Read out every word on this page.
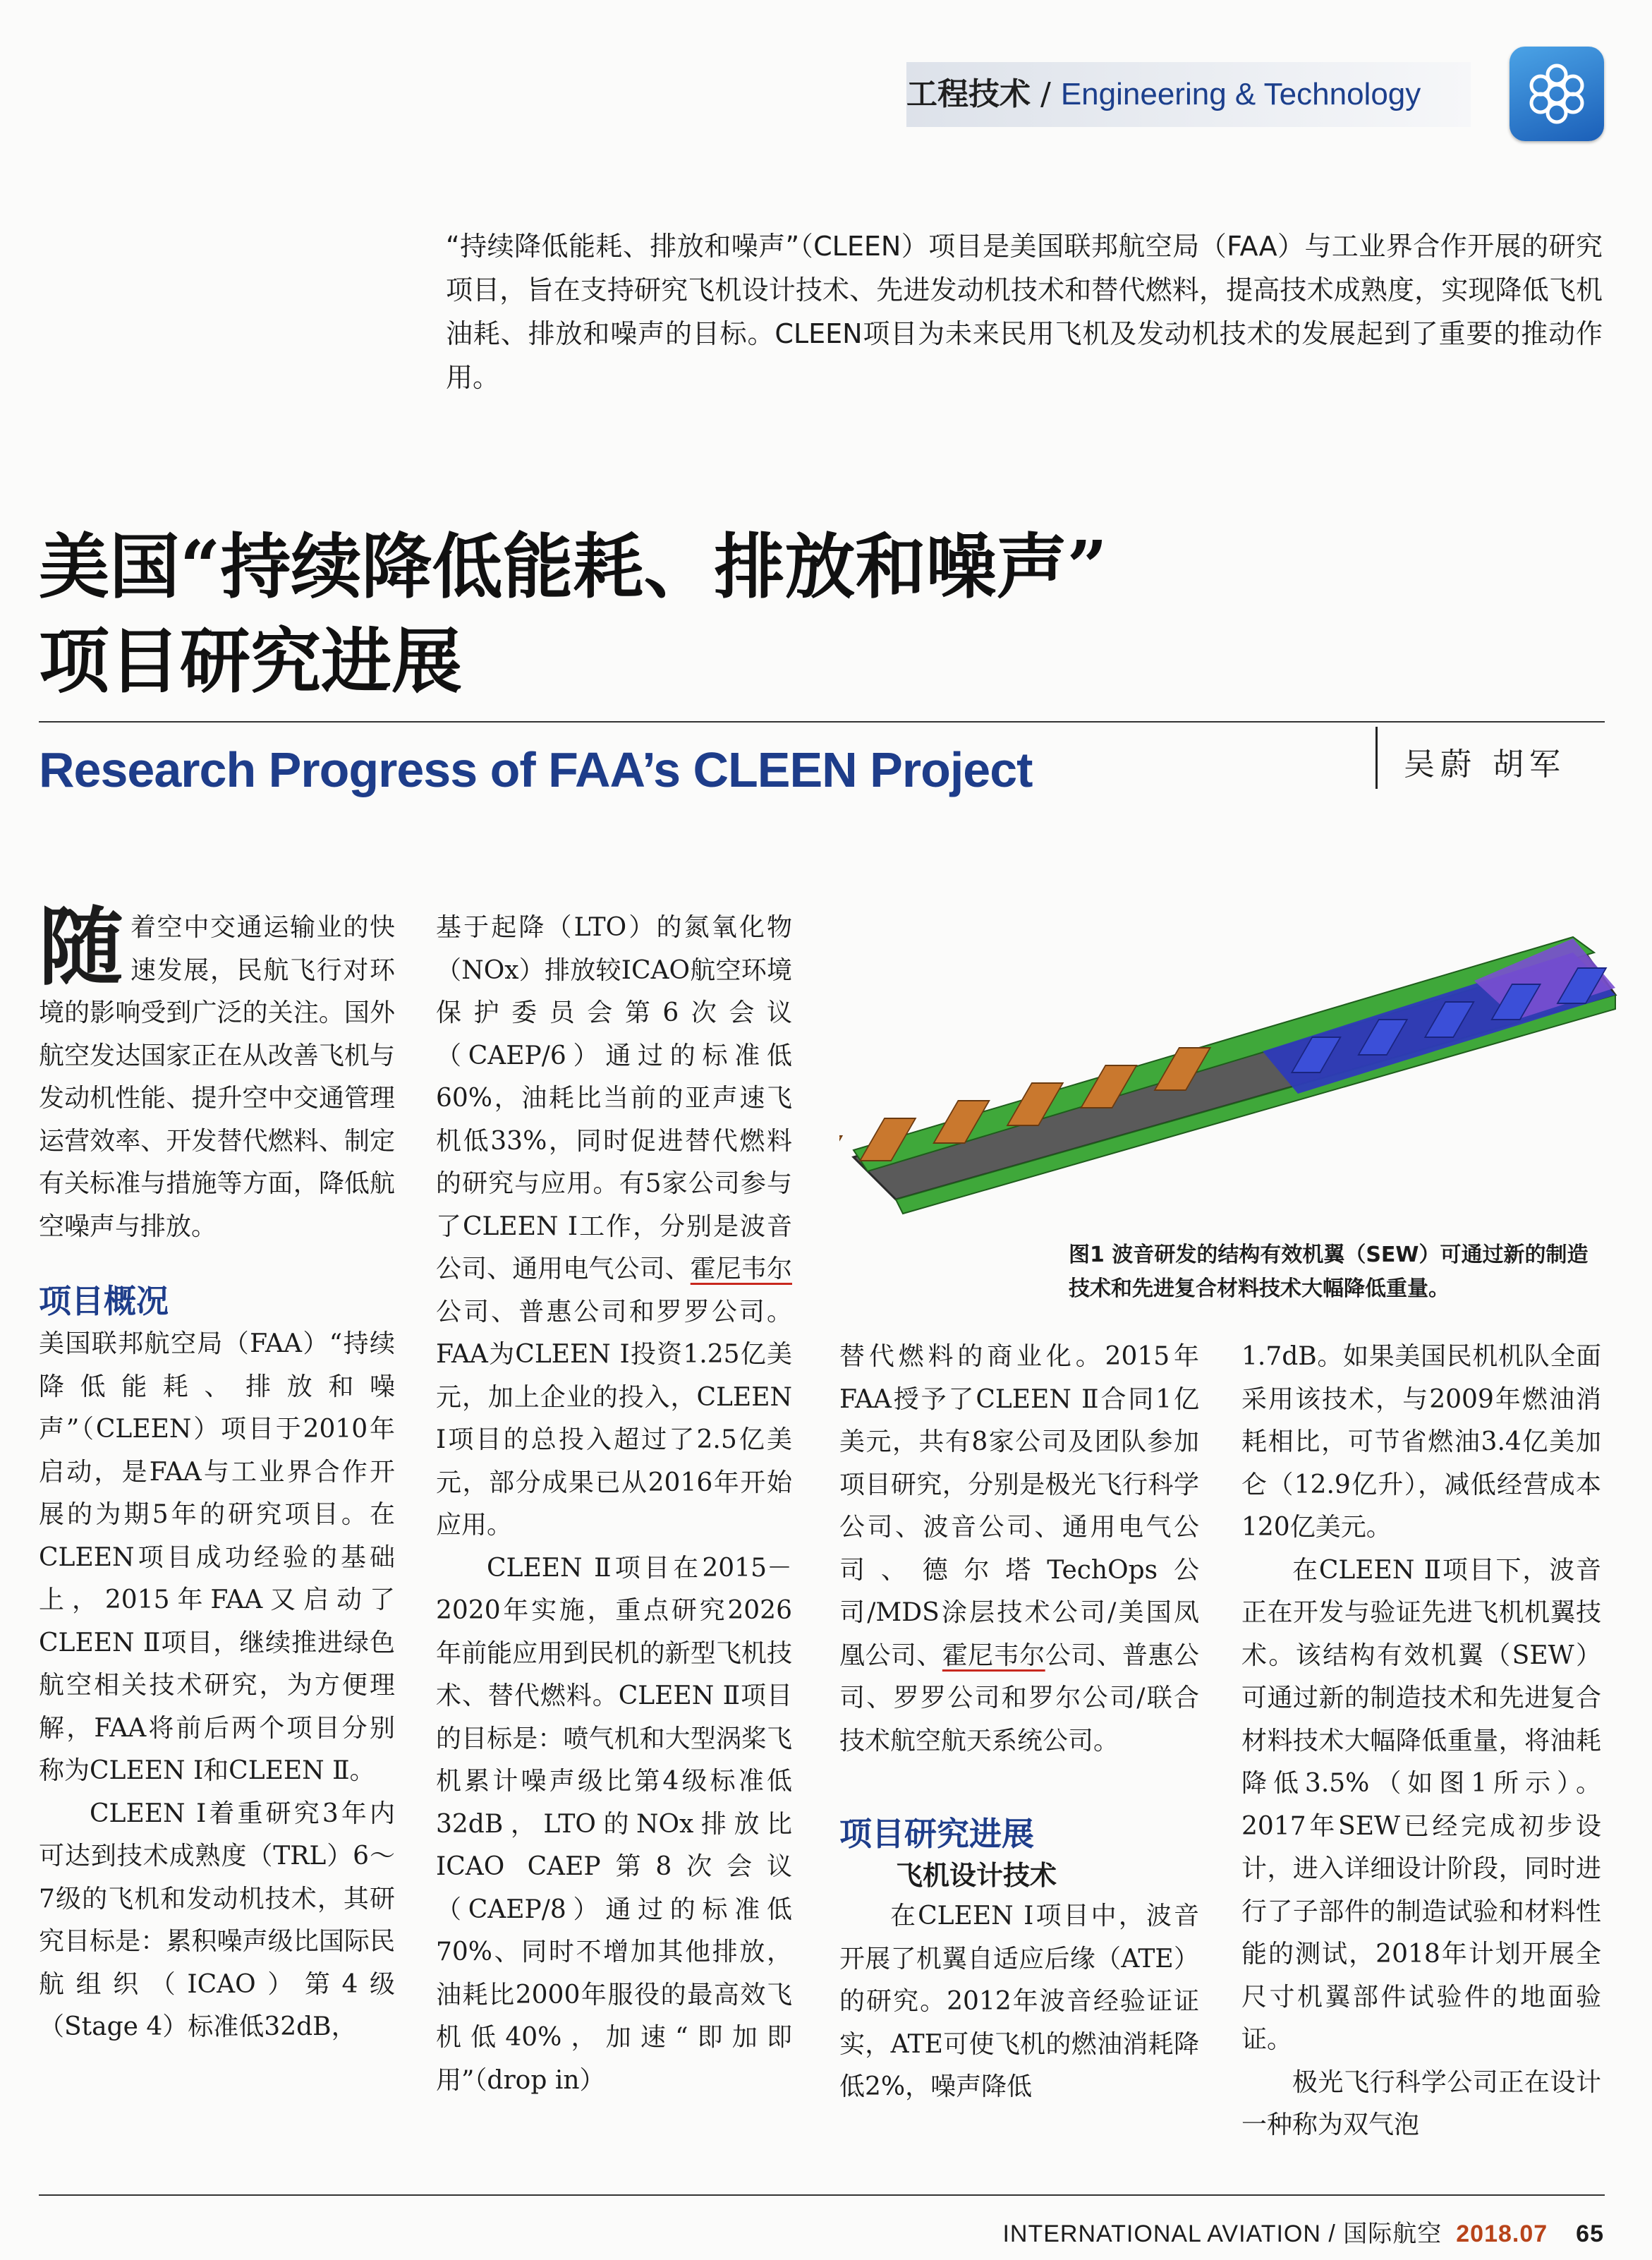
工程技术 / Engineering & Technology
“持续降低能耗、排放和噪声”（CLEEN）项目是美国联邦航空局（FAA）与工业界合作开展的研究项目，旨在支持研究飞机设计技术、先进发动机技术和替代燃料，提高技术成熟度，实现降低飞机油耗、排放和噪声的目标。CLEEN项目为未来民用飞机及发动机技术的发展起到了重要的推动作用。
美国“持续降低能耗、排放和噪声”
项目研究进展
Research Progress of FAA’s CLEEN Project	吴蔚 胡军

随着空中交通运输业的快速发展，民航飞行对环境的影响受到广泛的关注。国外航空发达国家正在从改善飞机与发动机性能、提升空中交通管理运营效率、开发替代燃料、制定有关标准与措施等方面，降低航空噪声与排放。

项目概况

美国联邦航空局（FAA）“持续降低能耗、排放和噪声”（CLEEN）项目于2010年启动，是FAA与工业界合作开展的为期5年的研究项目。在CLEEN项目成功经验的基础上，2015年FAA又启动了CLEEN Ⅱ项目，继续推进绿色航空相关技术研究，为方便理解，FAA将前后两个项目分别称为CLEEN Ⅰ和CLEEN Ⅱ。

CLEEN Ⅰ着重研究3年内可达到技术成熟度（TRL）6～7级的飞机和发动机技术，其研究目标是：累积噪声级比国际民航组织（ICAO）第4级（Stage 4）标准低32dB，

基于起降（LTO）的氮氧化物（NOx）排放较ICAO航空环境保护委员会第6次会议（CAEP/6）通过的标准低60%，油耗比当前的亚声速飞机低33%，同时促进替代燃料的研究与应用。有5家公司参与了CLEEN Ⅰ工作，分别是波音公司、通用电气公司、霍尼韦尔公司、普惠公司和罗罗公司。FAA为CLEEN Ⅰ投资1.25亿美元，加上企业的投入，CLEEN Ⅰ项目的总投入超过了2.5亿美元，部分成果已从2016年开始应用。

CLEEN Ⅱ项目在2015－2020年实施，重点研究2026年前能应用到民机的新型飞机技术、替代燃料。CLEEN Ⅱ项目的目标是：喷气机和大型涡桨飞机累计噪声级比第4级标准低32dB，LTO的NOx排放比ICAO CAEP第8次会议（CAEP/8）通过的标准低70%、同时不增加其他排放，油耗比2000年服役的最高效飞机低40%，加速“即加即用”（drop in）

图1 波音研发的结构有效机翼（SEW）可通过新的制造技术和先进复合材料技术大幅降低重量。

替代燃料的商业化。2015年FAA授予了CLEEN Ⅱ合同1亿美元，共有8家公司及团队参加项目研究，分别是极光飞行科学公司、波音公司、通用电气公司、德尔塔TechOps公司/MDS涂层技术公司/美国凤凰公司、霍尼韦尔公司、普惠公司、罗罗公司和罗尔公司/联合技术航空航天系统公司。

项目研究进展
飞机设计技术

在CLEEN Ⅰ项目中，波音开展了机翼自适应后缘（ATE）的研究。2012年波音经验证证实，ATE可使飞机的燃油消耗降低2%，噪声降低

1.7dB。如果美国民机机队全面采用该技术，与2009年燃油消耗相比，可节省燃油3.4亿美加仑（12.9亿升），减低经营成本120亿美元。

在CLEEN Ⅱ项目下，波音正在开发与验证先进飞机机翼技术。该结构有效机翼（SEW）可通过新的制造技术和先进复合材料技术大幅降低重量，将油耗降低3.5%（如图1所示）。2017年SEW已经完成初步设计，进入详细设计阶段，同时进行了子部件的制造试验和材料性能的测试，2018年计划开展全尺寸机翼部件试验件的地面验证。

极光飞行科学公司正在设计一种称为双气泡

INTERNATIONAL AVIATION / 国际航空 2018.07 65
